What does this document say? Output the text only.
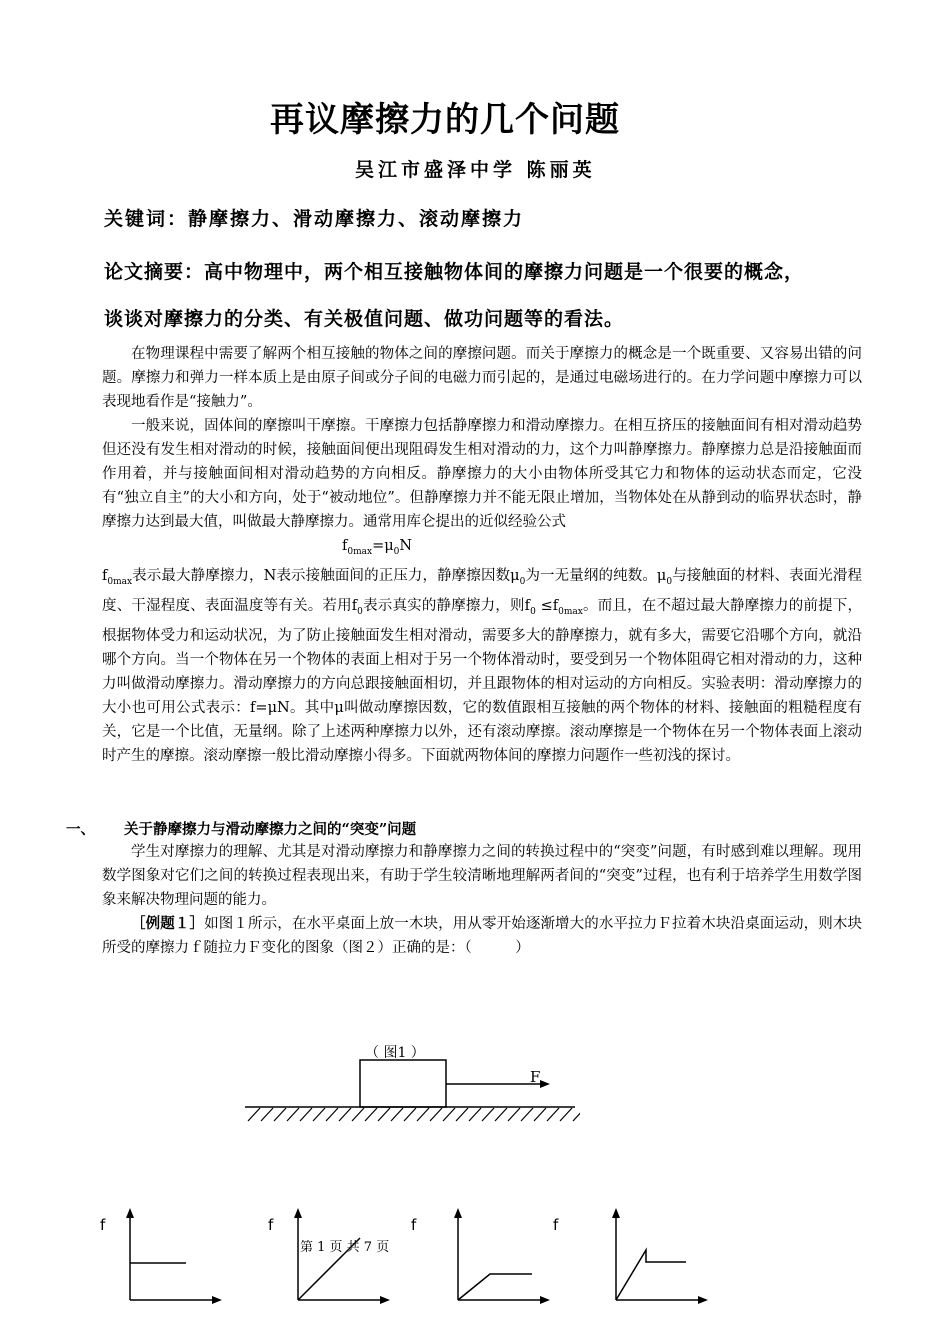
再议摩擦力的几个问题
吴江市盛泽中学 陈丽英
关键词：静摩擦力、滑动摩擦力、滚动摩擦力
论文摘要：高中物理中，两个相互接触物体间的摩擦力问题是一个很要的概念，
谈谈对摩擦力的分类、有关极值问题、做功问题等的看法。

在物理课程中需要了解两个相互接触的物体之间的摩擦问题。而关于摩擦力的概念是一个既重要、又容易出错的问题。摩擦力和弹力一样本质上是由原子间或分子间的电磁力而引起的，是通过电磁场进行的。在力学问题中摩擦力可以表现地看作是“接触力”。

一般来说，固体间的摩擦叫干摩擦。干摩擦力包括静摩擦力和滑动摩擦力。在相互挤压的接触面间有相对滑动趋势但还没有发生相对滑动的时候，接触面间便出现阻碍发生相对滑动的力，这个力叫静摩擦力。静摩擦力总是沿接触面而作用着，并与接触面间相对滑动趋势的方向相反。静摩擦力的大小由物体所受其它力和物体的运动状态而定，它没有“独立自主”的大小和方向，处于“被动地位”。但静摩擦力并不能无限止增加，当物体处在从静到动的临界状态时，静摩擦力达到最大值，叫做最大静摩擦力。通常用库仑提出的近似经验公式

$f_{0max}=\mu_0N$

$f_{0max}$表示最大静摩擦力，N表示接触面间的正压力，静摩擦因数$\mu_0$为一无量纲的纯数。$\mu_0$与接触面的材料、表面光滑程度、干湿程度、表面温度等有关。若用$f_0$表示真实的静摩擦力，则$f_0 \le f_{0max}$。而且，在不超过最大静摩擦力的前提下，根据物体受力和运动状况，为了防止接触面发生相对滑动，需要多大的静摩擦力，就有多大，需要它沿哪个方向，就沿哪个方向。当一个物体在另一个物体的表面上相对于另一个物体滑动时，要受到另一个物体阻碍它相对滑动的力，这种力叫做滑动摩擦力。滑动摩擦力的方向总跟接触面相切，并且跟物体的相对运动的方向相反。实验表明：滑动摩擦力的大小也可用公式表示：f=μN。其中μ叫做动摩擦因数，它的数值跟相互接触的两个物体的材料、接触面的粗糙程度有关，它是一个比值，无量纲。除了上述两种摩擦力以外，还有滚动摩擦。滚动摩擦是一个物体在另一个物体表面上滚动时产生的摩擦。滚动摩擦一般比滑动摩擦小得多。下面就两物体间的摩擦力问题作一些初浅的探讨。

一、 关于静摩擦力与滑动摩擦力之间的“突变”问题

学生对摩擦力的理解、尤其是对滑动摩擦力和静摩擦力之间的转换过程中的“突变”问题，有时感到难以理解。现用数学图象对它们之间的转换过程表现出来，有助于学生较清晰地理解两者间的“突变”过程，也有利于培养学生用数学图象来解决物理问题的能力。

［例题１］如图１所示，在水平桌面上放一木块，用从零开始逐渐增大的水平拉力Ｆ拉着木块沿桌面运动，则木块所受的摩擦力ｆ随拉力Ｆ变化的图象（图２）正确的是：（　　　）

（ 图1 ）
F
f	f	f	f
第 1 页 共 7 页
